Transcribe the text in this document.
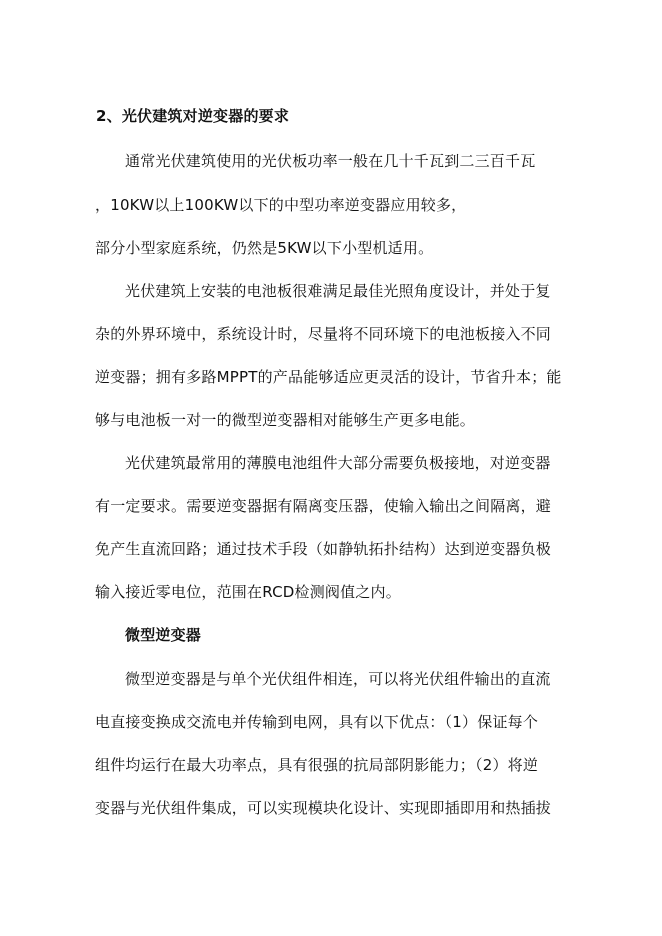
2、光伏建筑对逆变器的要求
通常光伏建筑使用的光伏板功率一般在几十千瓦到二三百千瓦
，10KW以上100KW以下的中型功率逆变器应用较多，
部分小型家庭系统，仍然是5KW以下小型机适用。
光伏建筑上安装的电池板很难满足最佳光照角度设计，并处于复
杂的外界环境中，系统设计时，尽量将不同环境下的电池板接入不同
逆变器；拥有多路MPPT的产品能够适应更灵活的设计，节省升本；能
够与电池板一对一的微型逆变器相对能够生产更多电能。
光伏建筑最常用的薄膜电池组件大部分需要负极接地，对逆变器
有一定要求。需要逆变器据有隔离变压器，使输入输出之间隔离，避
免产生直流回路；通过技术手段（如静轨拓扑结构）达到逆变器负极
输入接近零电位，范围在RCD检测阀值之内。
微型逆变器
微型逆变器是与单个光伏组件相连，可以将光伏组件输出的直流
电直接变换成交流电并传输到电网，具有以下优点：（1）保证每个
组件均运行在最大功率点，具有很强的抗局部阴影能力；（2）将逆
变器与光伏组件集成，可以实现模块化设计、实现即插即用和热插拔
